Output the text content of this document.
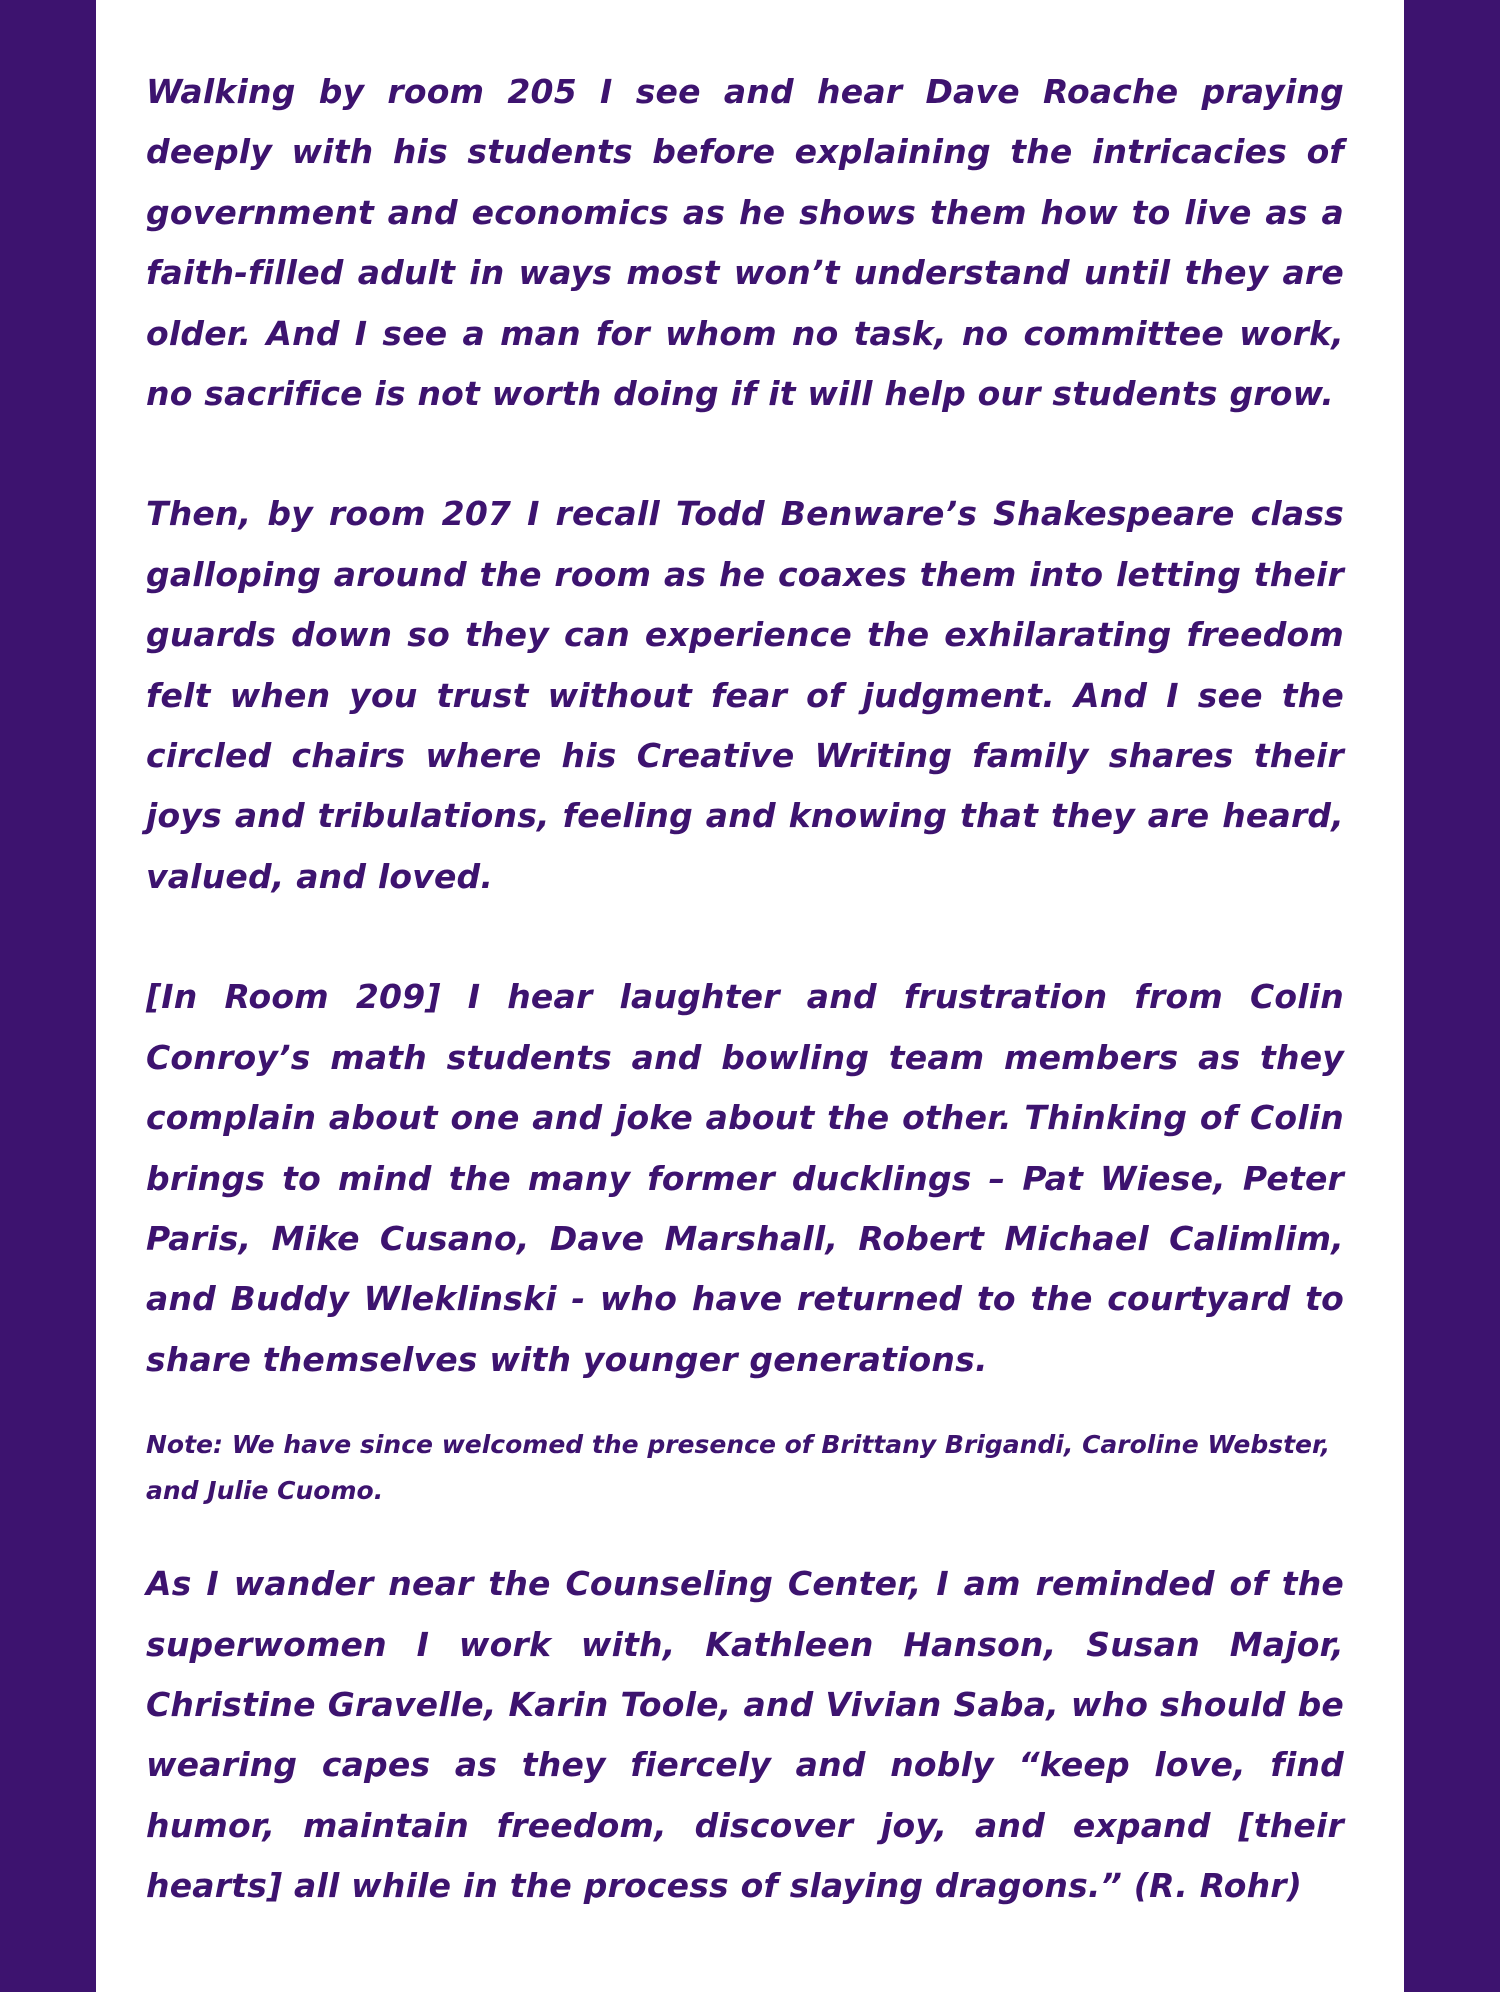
Walking by room 205 I see and hear Dave Roache praying deeply with his students before explaining the intricacies of government and economics as he shows them how to live as a faith-filled adult in ways most won’t understand until they are older. And I see a man for whom no task, no committee work, no sacrifice is not worth doing if it will help our students grow.

Then, by room 207 I recall Todd Benware’s Shakespeare class galloping around the room as he coaxes them into letting their guards down so they can experience the exhilarating freedom felt when you trust without fear of judgment. And I see the circled chairs where his Creative Writing family shares their joys and tribulations, feeling and knowing that they are heard, valued, and loved.

[In Room 209] I hear laughter and frustration from Colin Conroy’s math students and bowling team members as they complain about one and joke about the other. Thinking of Colin brings to mind the many former ducklings – Pat Wiese, Peter Paris, Mike Cusano, Dave Marshall, Robert Michael Calimlim, and Buddy Wleklinski - who have returned to the courtyard to share themselves with younger generations.

Note: We have since welcomed the presence of Brittany Brigandi, Caroline Webster, and Julie Cuomo.

As I wander near the Counseling Center, I am reminded of the superwomen I work with, Kathleen Hanson, Susan Major, Christine Gravelle, Karin Toole, and Vivian Saba, who should be wearing capes as they fiercely and nobly “keep love, find humor, maintain freedom, discover joy, and expand [their hearts] all while in the process of slaying dragons.” (R. Rohr)
